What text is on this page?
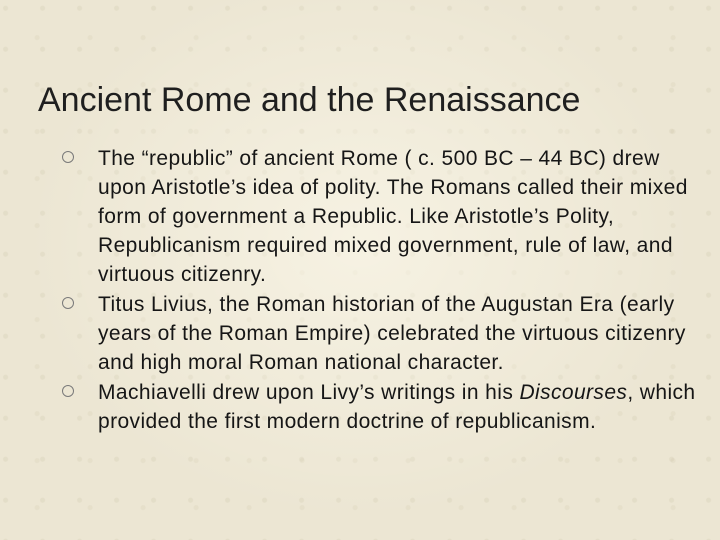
Ancient Rome and the Renaissance
The “republic” of ancient Rome ( c. 500 BC – 44 BC) drew upon Aristotle’s idea of polity. The Romans called their mixed form of government a Republic. Like Aristotle’s Polity, Republicanism required mixed government, rule of law, and virtuous citizenry.
Titus Livius, the Roman historian of the Augustan Era (early years of the Roman Empire) celebrated the virtuous citizenry and high moral Roman national character.
Machiavelli drew upon Livy’s writings in his Discourses, which provided the first modern doctrine of republicanism.
